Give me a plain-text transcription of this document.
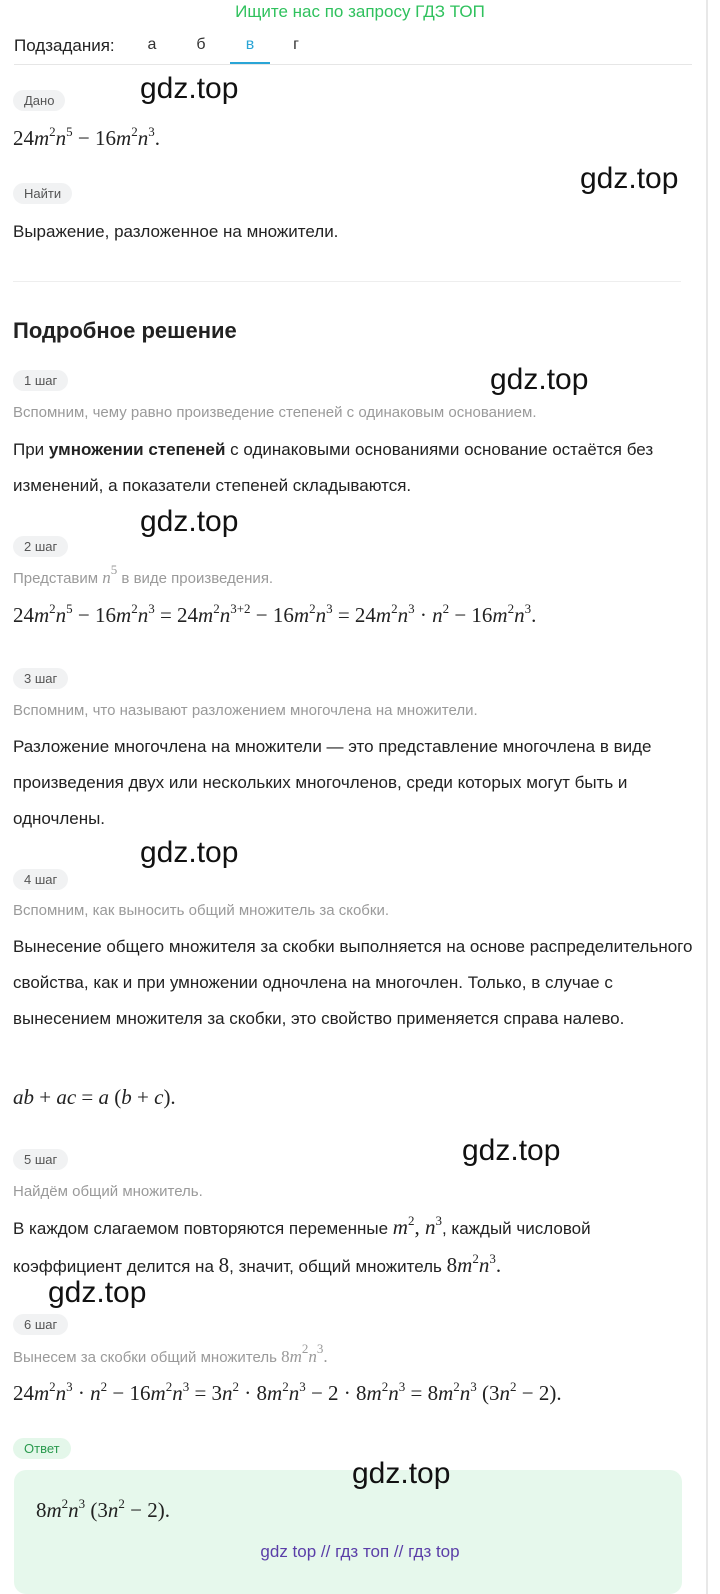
Ищите нас по запросу ГДЗ ТОП
Подзадания:	а	б	в	г
Дано
$24m^2n^5 - 16m^2n^3$.
Найти
Выражение, разложенное на множители.
Подробное решение
1 шаг
Вспомним, чему равно произведение степеней с одинаковым основанием.
При умножении степеней с одинаковыми основаниями основание остаётся без изменений, а показатели степеней складываются.
2 шаг
Представим $n^5$ в виде произведения.
$24m^2n^5 - 16m^2n^3 = 24m^2n^{3+2} - 16m^2n^3 = 24m^2n^3 \cdot n^2 - 16m^2n^3$.
3 шаг
Вспомним, что называют разложением многочлена на множители.
Разложение многочлена на множители — это представление многочлена в виде произведения двух или нескольких многочленов, среди которых могут быть и одночлены.
4 шаг
Вспомним, как выносить общий множитель за скобки.
Вынесение общего множителя за скобки выполняется на основе распределительного свойства, как и при умножении одночлена на многочлен. Только, в случае с вынесением множителя за скобки, это свойство применяется справа налево.
ab + ac = a (b + c).
5 шаг
Найдём общий множитель.
В каждом слагаемом повторяются переменные $m^2$, $n^3$, каждый числовой
коэффициент делится на 8, значит, общий множитель $8m^2n^3$.
6 шаг
Вынесем за скобки общий множитель $8m^2n^3$.
$24m^2n^3 \cdot n^2 - 16m^2n^3 = 3n^2 \cdot 8m^2n^3 - 2 \cdot 8m^2n^3 = 8m^2n^3$ $(3n^2 - 2)$.
Ответ
$8m^2n^3$ $(3n^2 - 2)$.
gdz.top
gdz.top
gdz.top
gdz.top
gdz.top
gdz.top
gdz.top
gdz.top
gdz top // гдз топ // гдз top
